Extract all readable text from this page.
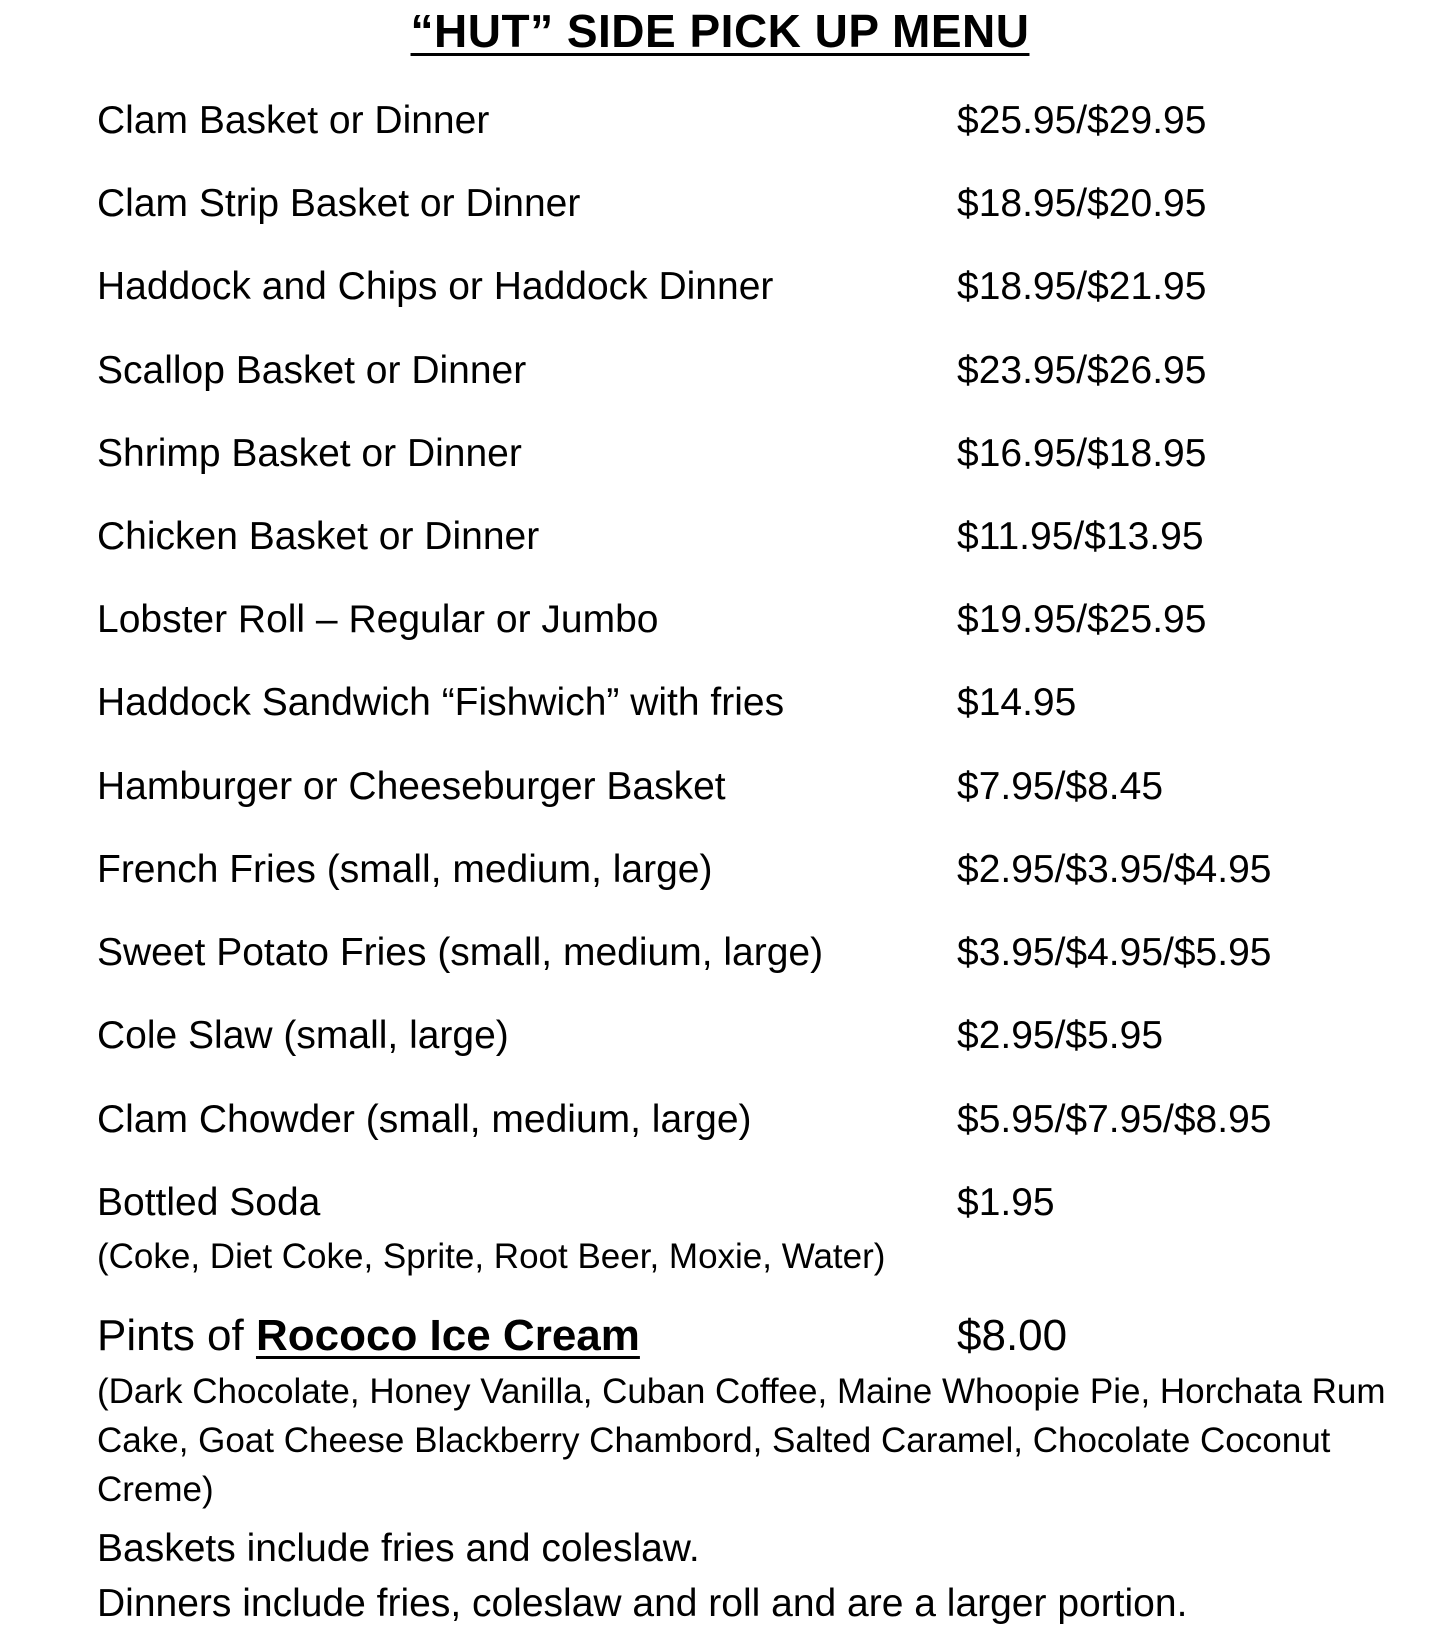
“HUT” SIDE PICK UP MENU
Clam Basket or Dinner	$25.95/$29.95
Clam Strip Basket or Dinner	$18.95/$20.95
Haddock and Chips or Haddock Dinner	$18.95/$21.95
Scallop Basket or Dinner	$23.95/$26.95
Shrimp Basket or Dinner	$16.95/$18.95
Chicken Basket or Dinner	$11.95/$13.95
Lobster Roll – Regular or Jumbo	$19.95/$25.95
Haddock Sandwich “Fishwich” with fries	$14.95
Hamburger or Cheeseburger Basket	$7.95/$8.45
French Fries (small, medium, large)	$2.95/$3.95/$4.95
Sweet Potato Fries (small, medium, large)	$3.95/$4.95/$5.95
Cole Slaw (small, large)	$2.95/$5.95
Clam Chowder (small, medium, large)	$5.95/$7.95/$8.95
Bottled Soda	$1.95
(Coke, Diet Coke, Sprite, Root Beer, Moxie, Water)
Pints of Rococo Ice Cream	$8.00
(Dark Chocolate, Honey Vanilla, Cuban Coffee, Maine Whoopie Pie, Horchata Rum Cake, Goat Cheese Blackberry Chambord, Salted Caramel, Chocolate Coconut Creme)
Baskets include fries and coleslaw.
Dinners include fries, coleslaw and roll and are a larger portion.
